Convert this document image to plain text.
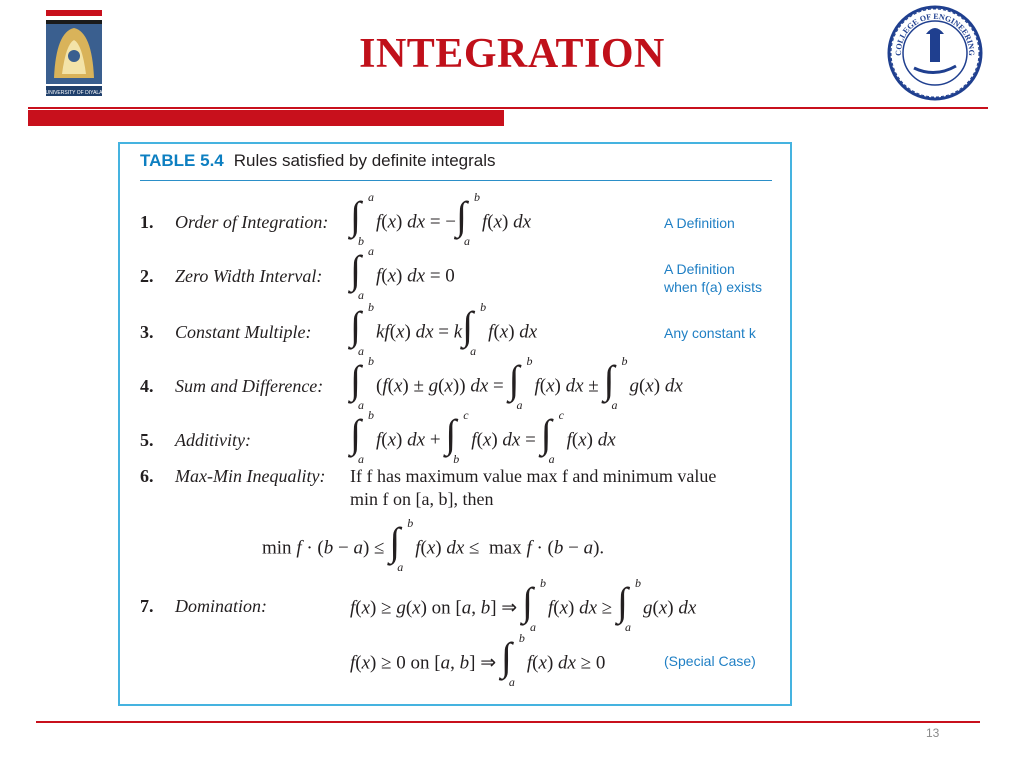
UNIVERSITY OF DIYALA
INTEGRATION	COLLEGE OF ENGINEERING
TABLE 5.4 Rules satisfied by definite integrals
1. Order of Integration: ∫ a
b
f(x) dx = − ∫ b
a
f(x) dx	A Definition
2. Zero Width Interval: ∫ a
a
f(x) dx = 0	A Definition
when f(a) exists
3. Constant Multiple: ∫ b
a
kf(x) dx = k ∫ b
a
f(x) dx	Any constant k
4. Sum and Difference: ∫ b
a
(f(x) ± g(x)) dx = ∫ b
a
f(x) dx ± ∫ b
a
g(x) dx
5. Additivity: ∫ b
a
f(x) dx + ∫ c
b
f(x) dx = ∫ c
a
f(x) dx
6. Max-Min Inequality: If f has maximum value max f and minimum value
min f on [a, b], then
min f · (b − a) ≤ ∫ b
a
f(x) dx ≤  max f · (b − a).
7. Domination:	f(x) ≥ g(x) on [a, b] ⇒ ∫ b
a
f(x) dx ≥ ∫ b
a
g(x) dx
f(x) ≥ 0 on [a, b] ⇒ ∫ b
a
f(x) dx ≥ 0	(Special Case)
13
